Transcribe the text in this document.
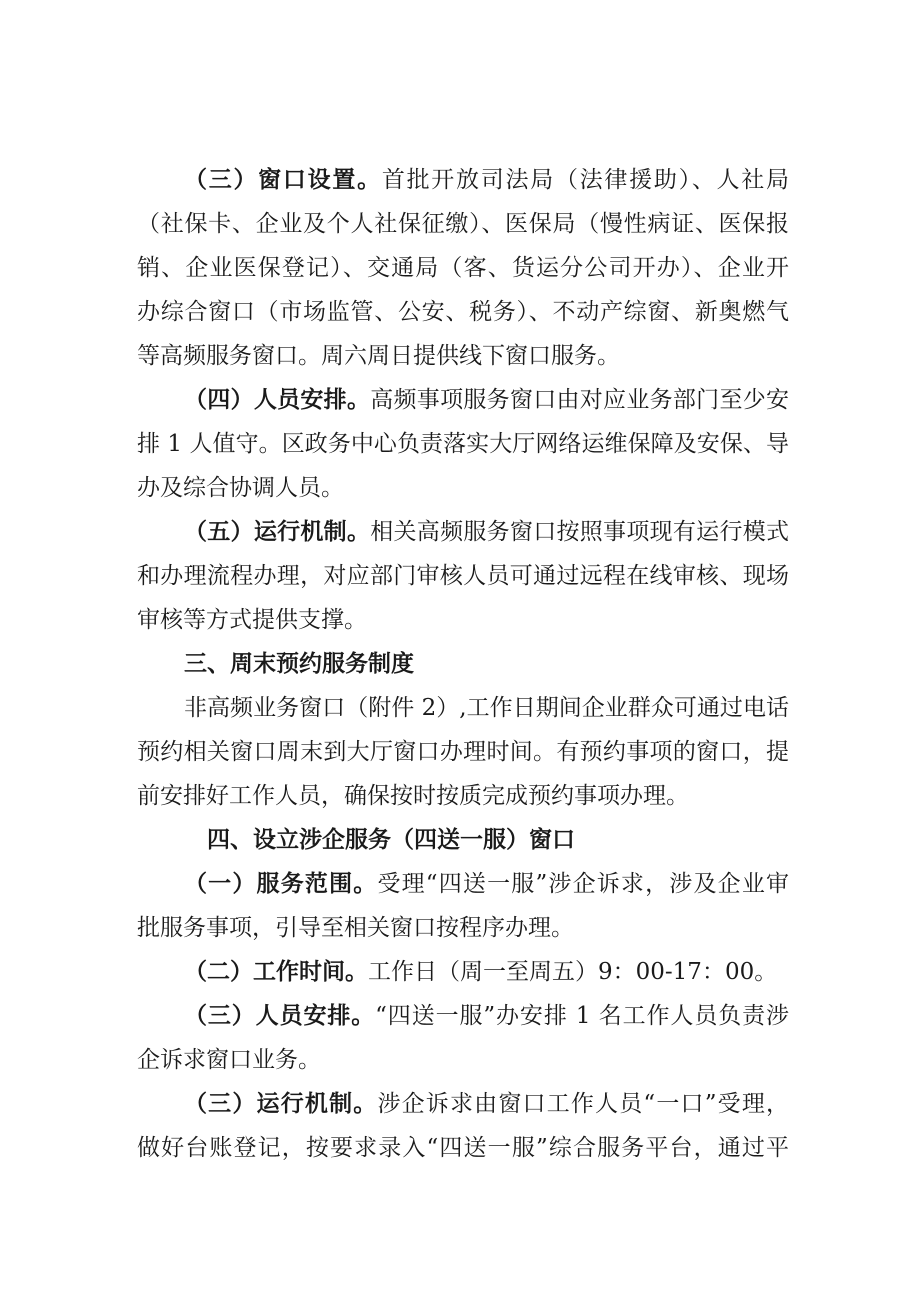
（三）窗口设置。首批开放司法局（法律援助）、人社局
（社保卡、企业及个人社保征缴）、医保局（慢性病证、医保报
销、企业医保登记）、交通局（客、货运分公司开办）、企业开
办综合窗口（市场监管、公安、税务）、不动产综窗、新奥燃气
等高频服务窗口。周六周日提供线下窗口服务。
（四）人员安排。高频事项服务窗口由对应业务部门至少安
排 1 人值守。区政务中心负责落实大厅网络运维保障及安保、导
办及综合协调人员。
（五）运行机制。相关高频服务窗口按照事项现有运行模式
和办理流程办理，对应部门审核人员可通过远程在线审核、现场
审核等方式提供支撑。
三、周末预约服务制度
非高频业务窗口（附件 2）,工作日期间企业群众可通过电话
预约相关窗口周末到大厅窗口办理时间。有预约事项的窗口，提
前安排好工作人员，确保按时按质完成预约事项办理。
四、设立涉企服务（四送一服）窗口
（一）服务范围。受理“四送一服”涉企诉求，涉及企业审
批服务事项，引导至相关窗口按程序办理。
（二）工作时间。工作日（周一至周五）9：00-17：00。
（三）人员安排。“四送一服”办安排 1 名工作人员负责涉
企诉求窗口业务。
（三）运行机制。涉企诉求由窗口工作人员“一口”受理，
做好台账登记，按要求录入“四送一服”综合服务平台，通过平
